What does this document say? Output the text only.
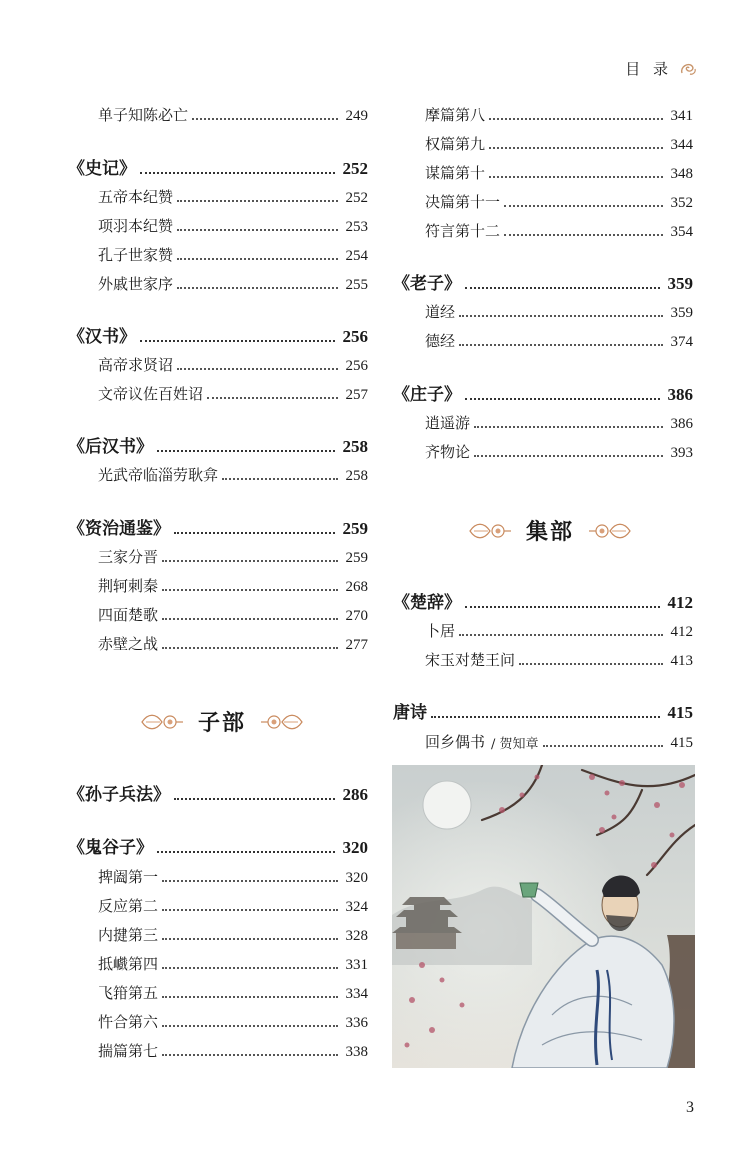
目 录
单子知陈必亡	249
《史记》	252
五帝本纪赞	252
项羽本纪赞	253
孔子世家赞	254
外戚世家序	255
《汉书》	256
高帝求贤诏	256
文帝议佐百姓诏	257
《后汉书》	258
光武帝临淄劳耿弇	258
《资治通鉴》	259
三家分晋	259
荆轲刺秦	268
四面楚歌	270
赤壁之战	277
子部
《孙子兵法》	286
《鬼谷子》	320
捭阖第一	320
反应第二	324
内揵第三	328
抵巇第四	331
飞箝第五	334
忤合第六	336
揣篇第七	338
摩篇第八	341
权篇第九	344
谋篇第十	348
决篇第十一	352
符言第十二	354
《老子》	359
道经	359
德经	374
《庄子》	386
逍遥游	386
齐物论	393
集部
《楚辞》	412
卜居	412
宋玉对楚王问	413
唐诗	415
回乡偶书 / 贺知章	415
3
